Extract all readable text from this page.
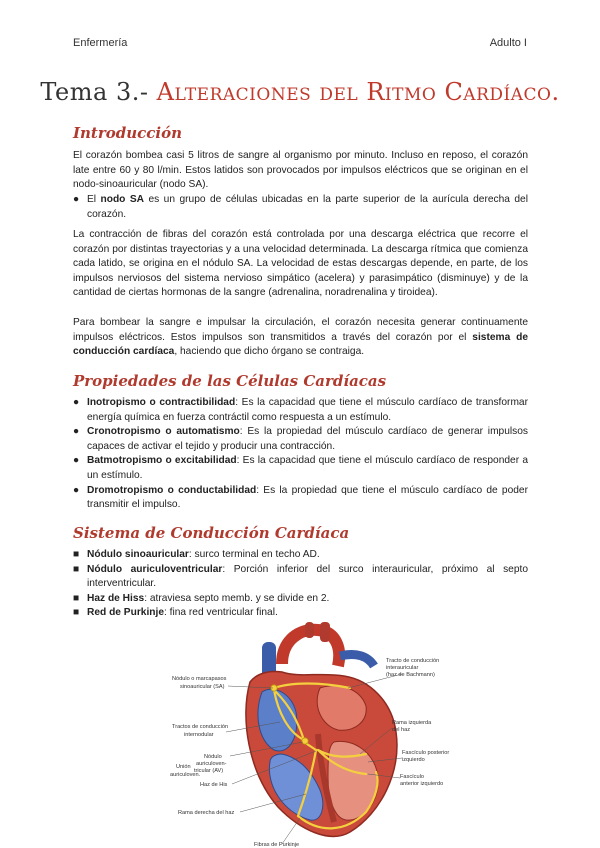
Enfermería	Adulto I
Tema 3.- Alteraciones del Ritmo Cardíaco.
Introducción

El corazón bombea casi 5 litros de sangre al organismo por minuto. Incluso en reposo, el corazón late entre 60 y 80 l/min. Estos latidos son provocados por impulsos eléctricos que se originan en el nodo-sinoauricular (nodo SA).

● El nodo SA es un grupo de células ubicadas en la parte superior de la aurícula derecha del corazón.

La contracción de fibras del corazón está controlada por una descarga eléctrica que recorre el corazón por distintas trayectorias y a una velocidad determinada. La descarga rítmica que comienza cada latido, se origina en el nódulo SA. La velocidad de estas descargas depende, en parte, de los impulsos nerviosos del sistema nervioso simpático (acelera) y parasimpático (disminuye) y de la cantidad de ciertas hormonas de la sangre (adrenalina, noradrenalina y tiroidea).

Para bombear la sangre e impulsar la circulación, el corazón necesita generar continuamente impulsos eléctricos. Estos impulsos son transmitidos a través del corazón por el sistema de conducción cardíaca, haciendo que dicho órgano se contraiga.

Propiedades de las Células Cardíacas
● Inotropismo o contractibilidad: Es la capacidad que tiene el músculo cardíaco de transformar energía química en fuerza contráctil como respuesta a un estímulo.
● Cronotropismo o automatismo: Es la propiedad del músculo cardíaco de generar impulsos capaces de activar el tejido y producir una contracción.
● Batmotropismo o excitabilidad: Es la capacidad que tiene el músculo cardíaco de responder a un estímulo.
● Dromotropismo o conductabilidad: Es la propiedad que tiene el músculo cardíaco de poder transmitir el impulso.
Sistema de Conducción Cardíaca
■ Nódulo sinoauricular: surco terminal en techo AD.
■ Nódulo auriculoventricular: Porción inferior del surco interauricular, próximo al septo interventricular.
■ Haz de Hiss: atraviesa septo memb. y se divide en 2.
■ Red de Purkinje: fina red ventricular final.
Nódulo o marcapasos
sinoauricular (SA)
Tractos de conducción
internodular
Nódulo
auriculoven-
tricular (AV)
Unión
auriculoven.
Haz de His
Rama derecha del haz
Fibras de Purkinje
Tracto de conducción
interauricular
(haz de Bachmann)
Rama izquierda
del haz
Fascículo posterior
izquierdo
Fascículo
anterior izquierdo
